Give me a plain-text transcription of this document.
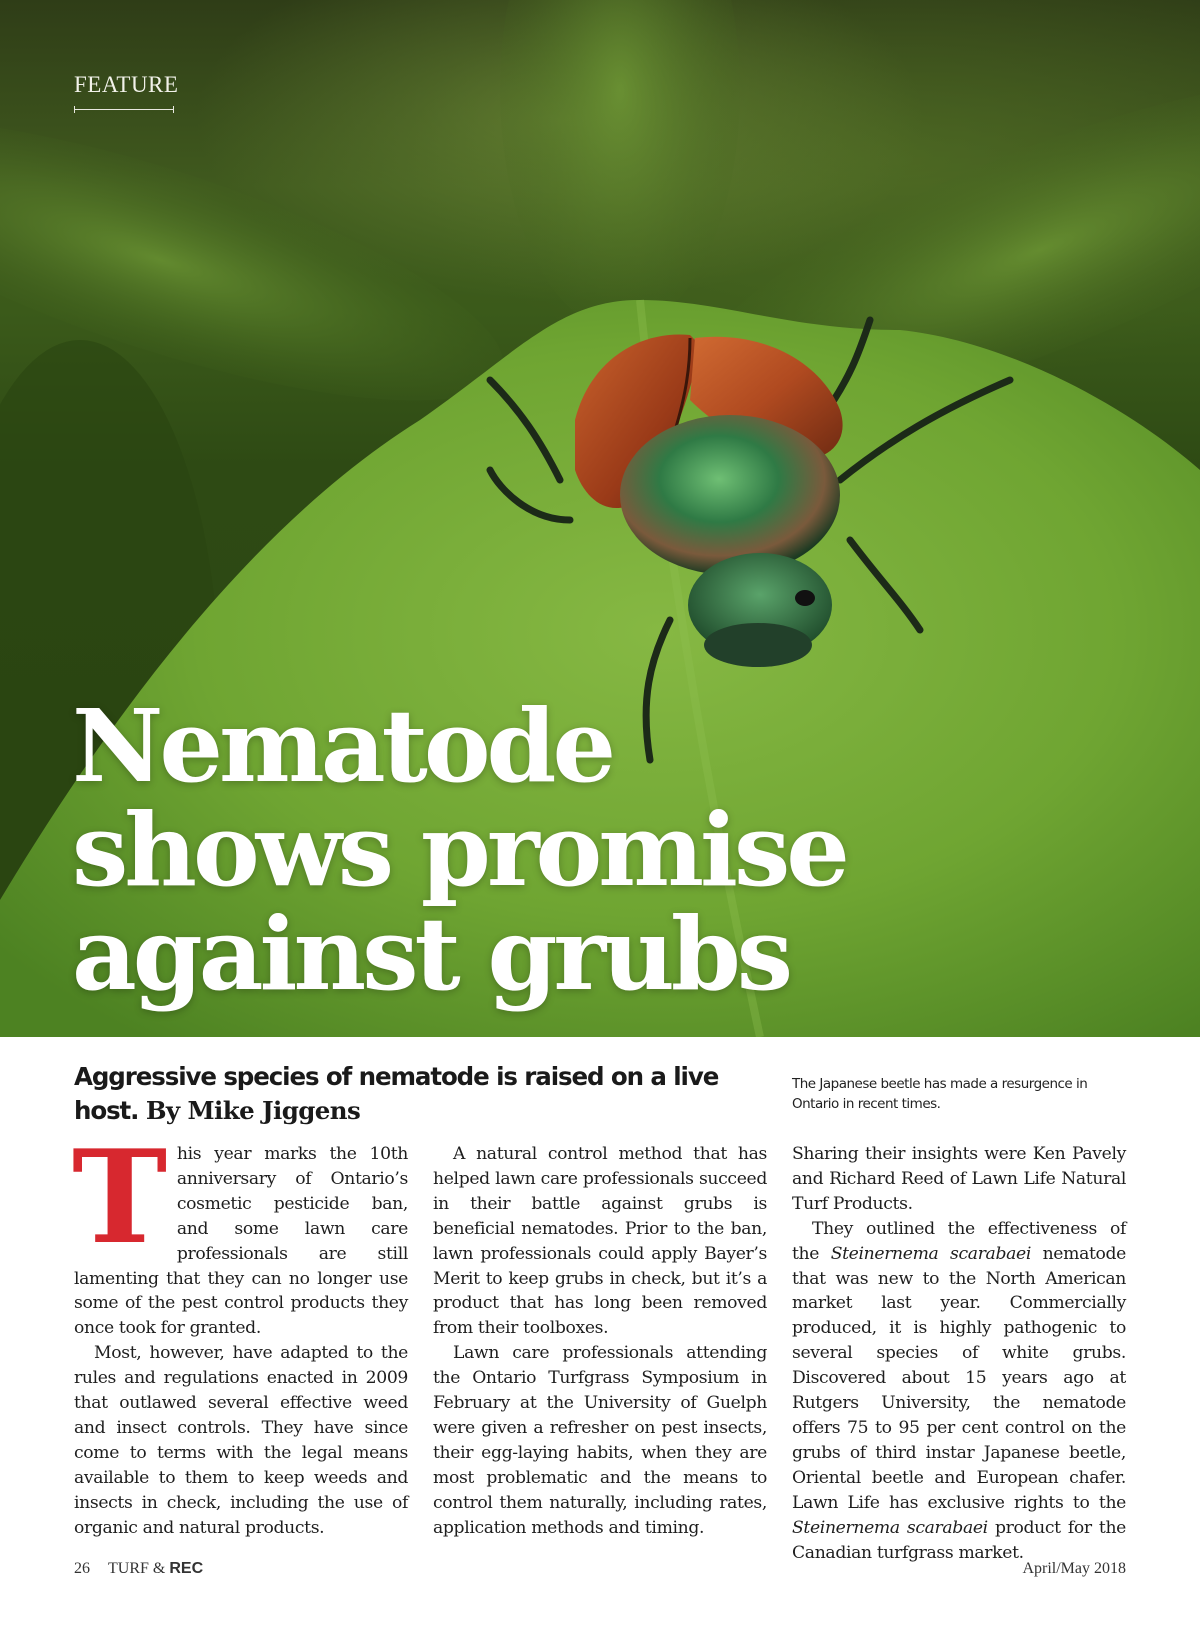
FEATURE
Nematode
shows promise
against grubs
Aggressive species of nematode is raised on a live host. By Mike Jiggens
The Japanese beetle has made a resurgence in Ontario in recent times.

This year marks the 10th anniversary of Ontario’s cosmetic pesticide ban, and some lawn care professionals are still lamenting that they can no longer use some of the pest control products they once took for granted.

Most, however, have adapted to the rules and regulations enacted in 2009 that outlawed several effective weed and insect controls. They have since come to terms with the legal means available to them to keep weeds and insects in check, including the use of organic and natural products.

A natural control method that has helped lawn care professionals succeed in their battle against grubs is beneficial nematodes. Prior to the ban, lawn professionals could apply Bayer’s Merit to keep grubs in check, but it’s a product that has long been removed from their toolboxes.

Lawn care professionals attending the Ontario Turfgrass Symposium in February at the University of Guelph were given a refresher on pest insects, their egg-laying habits, when they are most problematic and the means to control them naturally, including rates, application methods and timing.

Sharing their insights were Ken Pavely and Richard Reed of Lawn Life Natural Turf Products.

They outlined the effectiveness of the Steinernema scarabaei nematode that was new to the North American market last year. Commercially produced, it is highly pathogenic to several species of white grubs. Discovered about 15 years ago at Rutgers University, the nematode offers 75 to 95 per cent control on the grubs of third instar Japanese beetle, Oriental beetle and European chafer. Lawn Life has exclusive rights to the Steinernema scarabaei product for the Canadian turfgrass market.

26 TURF & REC	April/May 2018
